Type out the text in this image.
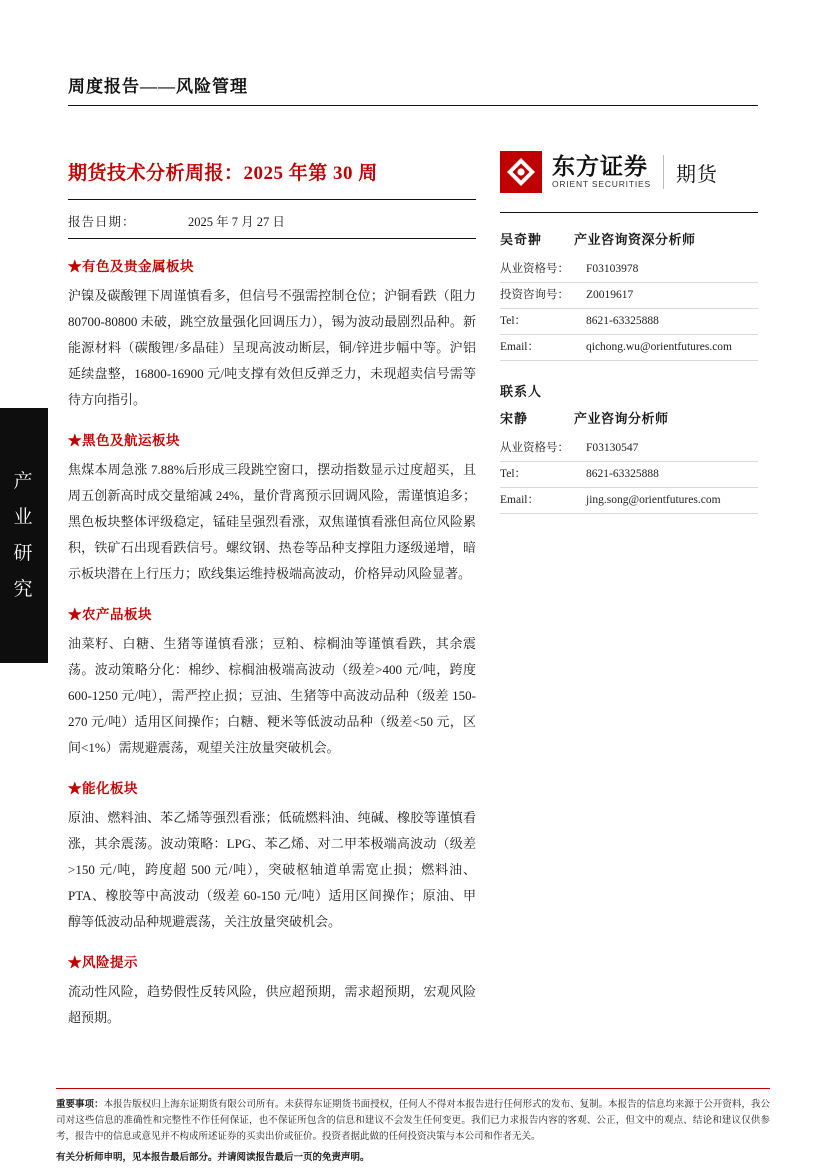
产
业
研
究
周度报告——风险管理
期货技术分析周报：2025 年第 30 周
报告日期：	2025 年 7 月 27 日
★有色及贵金属板块
沪镍及碳酸锂下周谨慎看多，但信号不强需控制仓位；沪铜看跌（阻力 80700-80800 未破，跳空放量强化回调压力），锡为波动最剧烈品种。新能源材料（碳酸锂/多晶硅）呈现高波动断层，铜/锌进步幅中等。沪铝延续盘整，16800-16900 元/吨支撑有效但反弹乏力，未现超卖信号需等待方向指引。
★黑色及航运板块
焦煤本周急涨 7.88%后形成三段跳空窗口，摆动指数显示过度超买，且周五创新高时成交量缩减 24%，量价背离预示回调风险，需谨慎追多；黑色板块整体评级稳定，锰硅呈强烈看涨，双焦谨慎看涨但高位风险累积，铁矿石出现看跌信号。螺纹钢、热卷等品种支撑阻力逐级递增，暗示板块潜在上行压力；欧线集运维持极端高波动，价格异动风险显著。
★农产品板块
油菜籽、白糖、生猪等谨慎看涨；豆粕、棕榈油等谨慎看跌，其余震荡。波动策略分化：棉纱、棕榈油极端高波动（级差>400 元/吨，跨度 600-1250 元/吨），需严控止损；豆油、生猪等中高波动品种（级差 150-270 元/吨）适用区间操作；白糖、粳米等低波动品种（级差<50 元，区间<1%）需规避震荡，观望关注放量突破机会。
★能化板块
原油、燃料油、苯乙烯等强烈看涨；低硫燃料油、纯碱、橡胶等谨慎看涨，其余震荡。波动策略：LPG、苯乙烯、对二甲苯极端高波动（级差>150 元/吨，跨度超 500 元/吨），突破枢轴道单需宽止损；燃料油、PTA、橡胶等中高波动（级差 60-150 元/吨）适用区间操作；原油、甲醇等低波动品种规避震荡，关注放量突破机会。
★风险提示
流动性风险，趋势假性反转风险，供应超预期，需求超预期，宏观风险超预期。
东方证券
ORIENT SECURITIES 期货
吴奇翀	产业咨询资深分析师
从业资格号：	F03103978
投资咨询号：	Z0019617
Tel：	8621-63325888
Email：	qichong.wu@orientfutures.com
联系人
宋静	产业咨询分析师
从业资格号：	F03130547
Tel：	8621-63325888
Email：	jing.song@orientfutures.com
重要事项：本报告版权归上海东证期货有限公司所有。未获得东证期货书面授权，任何人不得对本报告进行任何形式的发布、复制。本报告的信息均来源于公开资料，我公司对这些信息的准确性和完整性不作任何保证，也不保证所包含的信息和建议不会发生任何变更。我们已力求报告内容的客观、公正，但文中的观点、结论和建议仅供参考，报告中的信息或意见并不构成所述证券的买卖出价或征价。投资者据此做的任何投资决策与本公司和作者无关。
有关分析师申明，见本报告最后部分。并请阅读报告最后一页的免责声明。
